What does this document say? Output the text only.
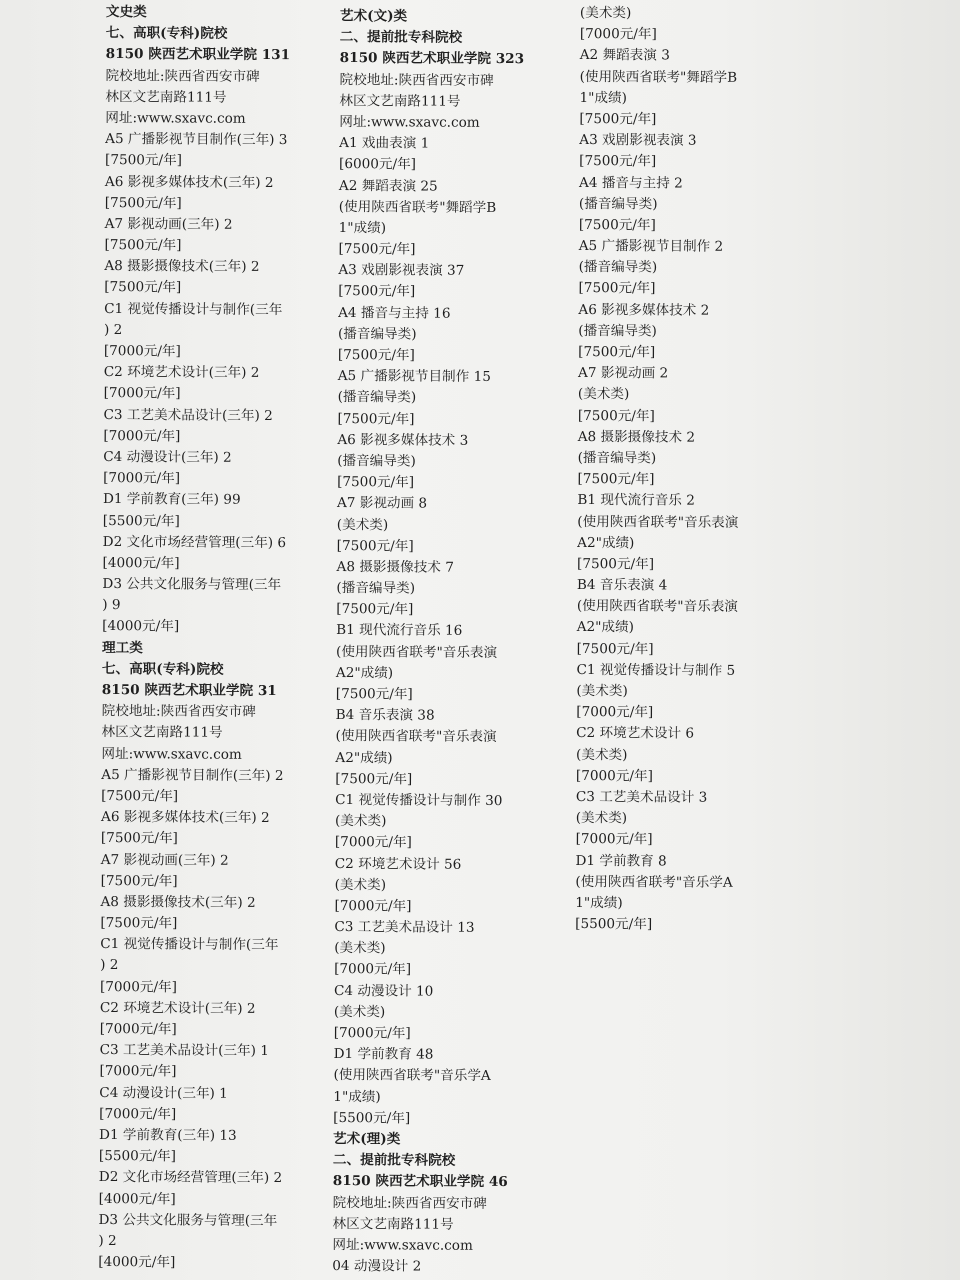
文史类
七、高职(专科)院校
8150 陕西艺术职业学院 131
院校地址:陕西省西安市碑
林区文艺南路111号
网址:www.sxavc.com
A5 广播影视节目制作(三年) 3
[7500元/年]
A6 影视多媒体技术(三年) 2
[7500元/年]
A7 影视动画(三年) 2
[7500元/年]
A8 摄影摄像技术(三年) 2
[7500元/年]
C1 视觉传播设计与制作(三年
) 2
[7000元/年]
C2 环境艺术设计(三年) 2
[7000元/年]
C3 工艺美术品设计(三年) 2
[7000元/年]
C4 动漫设计(三年) 2
[7000元/年]
D1 学前教育(三年) 99
[5500元/年]
D2 文化市场经营管理(三年) 6
[4000元/年]
D3 公共文化服务与管理(三年
) 9
[4000元/年]
理工类
七、高职(专科)院校
8150 陕西艺术职业学院 31
院校地址:陕西省西安市碑
林区文艺南路111号
网址:www.sxavc.com
A5 广播影视节目制作(三年) 2
[7500元/年]
A6 影视多媒体技术(三年) 2
[7500元/年]
A7 影视动画(三年) 2
[7500元/年]
A8 摄影摄像技术(三年) 2
[7500元/年]
C1 视觉传播设计与制作(三年
) 2
[7000元/年]
C2 环境艺术设计(三年) 2
[7000元/年]
C3 工艺美术品设计(三年) 1
[7000元/年]
C4 动漫设计(三年) 1
[7000元/年]
D1 学前教育(三年) 13
[5500元/年]
D2 文化市场经营管理(三年) 2
[4000元/年]
D3 公共文化服务与管理(三年
) 2
[4000元/年]
艺术(文)类
二、提前批专科院校
8150 陕西艺术职业学院 323
院校地址:陕西省西安市碑
林区文艺南路111号
网址:www.sxavc.com
A1 戏曲表演 1
[6000元/年]
A2 舞蹈表演 25
(使用陕西省联考"舞蹈学B
1"成绩)
[7500元/年]
A3 戏剧影视表演 37
[7500元/年]
A4 播音与主持 16
(播音编导类)
[7500元/年]
A5 广播影视节目制作 15
(播音编导类)
[7500元/年]
A6 影视多媒体技术 3
(播音编导类)
[7500元/年]
A7 影视动画 8
(美术类)
[7500元/年]
A8 摄影摄像技术 7
(播音编导类)
[7500元/年]
B1 现代流行音乐 16
(使用陕西省联考"音乐表演
A2"成绩)
[7500元/年]
B4 音乐表演 38
(使用陕西省联考"音乐表演
A2"成绩)
[7500元/年]
C1 视觉传播设计与制作 30
(美术类)
[7000元/年]
C2 环境艺术设计 56
(美术类)
[7000元/年]
C3 工艺美术品设计 13
(美术类)
[7000元/年]
C4 动漫设计 10
(美术类)
[7000元/年]
D1 学前教育 48
(使用陕西省联考"音乐学A
1"成绩)
[5500元/年]
艺术(理)类
二、提前批专科院校
8150 陕西艺术职业学院 46
院校地址:陕西省西安市碑
林区文艺南路111号
网址:www.sxavc.com
04 动漫设计 2
(美术类)
[7000元/年]
A2 舞蹈表演 3
(使用陕西省联考"舞蹈学B
1"成绩)
[7500元/年]
A3 戏剧影视表演 3
[7500元/年]
A4 播音与主持 2
(播音编导类)
[7500元/年]
A5 广播影视节目制作 2
(播音编导类)
[7500元/年]
A6 影视多媒体技术 2
(播音编导类)
[7500元/年]
A7 影视动画 2
(美术类)
[7500元/年]
A8 摄影摄像技术 2
(播音编导类)
[7500元/年]
B1 现代流行音乐 2
(使用陕西省联考"音乐表演
A2"成绩)
[7500元/年]
B4 音乐表演 4
(使用陕西省联考"音乐表演
A2"成绩)
[7500元/年]
C1 视觉传播设计与制作 5
(美术类)
[7000元/年]
C2 环境艺术设计 6
(美术类)
[7000元/年]
C3 工艺美术品设计 3
(美术类)
[7000元/年]
D1 学前教育 8
(使用陕西省联考"音乐学A
1"成绩)
[5500元/年]
